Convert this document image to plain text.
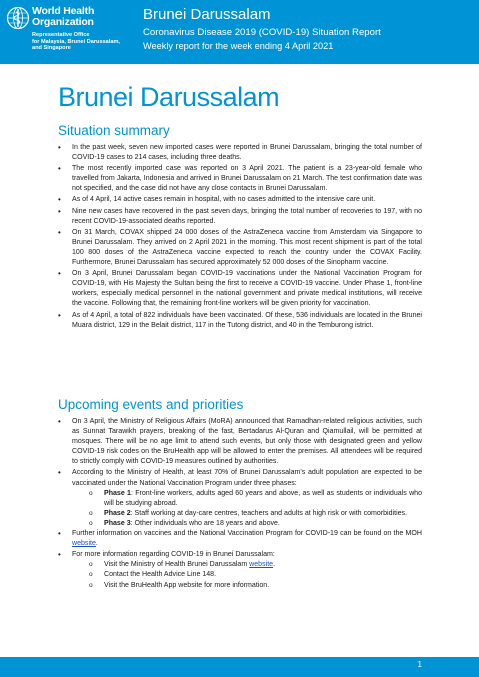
World Health
Organization
Representative Office
for Malaysia, Brunei Darussalam,
and Singapore
Brunei Darussalam
Coronavirus Disease 2019 (COVID-19) Situation Report
Weekly report for the week ending 4 April 2021
Brunei Darussalam
Situation summary
• In the past week, seven new imported cases were reported in Brunei Darussalam, bringing the total number of COVID-19 cases to 214 cases, including three deaths.
• The most recently imported case was reported on 3 April 2021. The patient is a 23-year-old female who travelled from Jakarta, Indonesia and arrived in Brunei Darussalam on 21 March. The test confirmation date was not specified, and the case did not have any close contacts in Brunei Darussalam.
• As of 4 April, 14 active cases remain in hospital, with no cases admitted to the intensive care unit.
• Nine new cases have recovered in the past seven days, bringing the total number of recoveries to 197, with no recent COVID-19-associated deaths reported.
• On 31 March, COVAX shipped 24 000 doses of the AstraZeneca vaccine from Amsterdam via Singapore to Brunei Darussalam. They arrived on 2 April 2021 in the morning. This most recent shipment is part of the total 100 800 doses of the AstraZeneca vaccine expected to reach the country under the COVAX Facility. Furthermore, Brunei Darussalam has secured approximately 52 000 doses of the Sinopharm vaccine.
• On 3 April, Brunei Darussalam began COVID-19 vaccinations under the National Vaccination Program for COVID-19, with His Majesty the Sultan being the first to receive a COVID-19 vaccine. Under Phase 1, front-line workers, especially medical personnel in the national government and private medical institutions, will receive the vaccine. Following that, the remaining front-line workers will be given priority for vaccination.
• As of 4 April, a total of 822 individuals have been vaccinated. Of these, 536 individuals are located in the Brunei Muara district, 129 in the Belait district, 117 in the Tutong district, and 40 in the Temburong istrict.
Upcoming events and priorities
• On 3 April, the Ministry of Religious Affairs (MoRA) announced that Ramadhan-related religious activities, such as Sunnat Tarawikh prayers, breaking of the fast, Bertadarus Al-Quran and Qiamullail, will be permitted at mosques. There will be no age limit to attend such events, but only those with designated green and yellow COVID-19 risk codes on the BruHealth app will be allowed to enter the premises. All attendees will be required to strictly comply with COVID-19 measures outlined by authorities.
• According to the Ministry of Health, at least 70% of Brunei Darussalam's adult population are expected to be vaccinated under the National Vaccination Program under three phases:
o Phase 1: Front-line workers, adults aged 60 years and above, as well as students or individuals who will be studying abroad.
o Phase 2: Staff working at day-care centres, teachers and adults at high risk or with comorbidities.
o Phase 3: Other individuals who are 18 years and above.
• Further information on vaccines and the National Vaccination Program for COVID-19 can be found on the MOH website.
• For more information regarding COVID-19 in Brunei Darussalam:
o Visit the Ministry of Health Brunei Darussalam website.
o Contact the Health Advice Line 148.
o Visit the BruHealth App website for more information.
1
